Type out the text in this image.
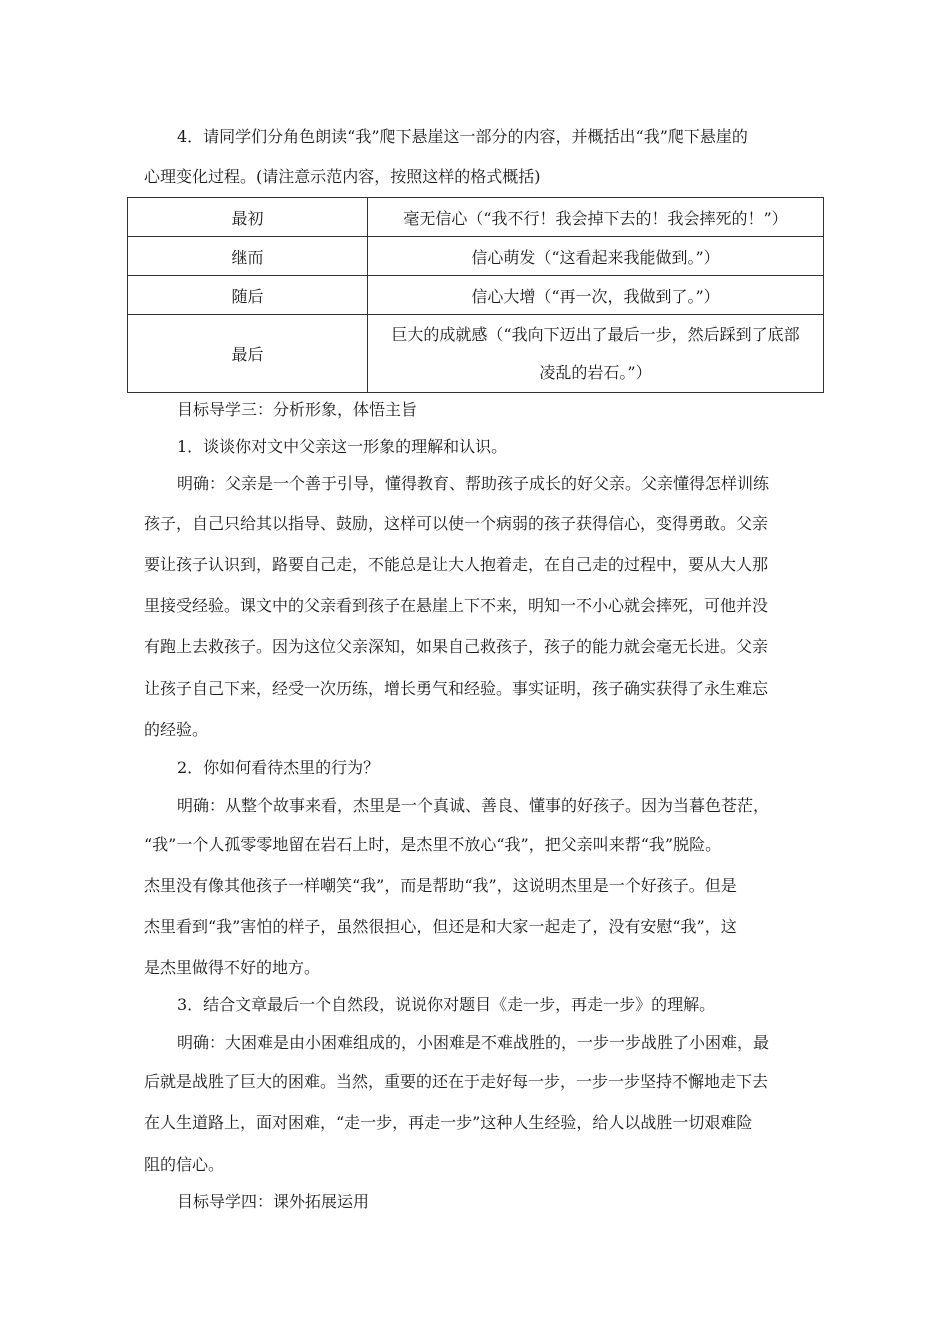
4．请同学们分角色朗读“我”爬下悬崖这一部分的内容，并概括出“我”爬下悬崖的
心理变化过程。(请注意示范内容，按照这样的格式概括)
最初	毫无信心（“我不行！我会掉下去的！我会摔死的！”）
继而	信心萌发（“这看起来我能做到。”）
随后	信心大增（“再一次，我做到了。”）
最后	巨大的成就感（“我向下迈出了最后一步，然后踩到了底部
凌乱的岩石。”）
目标导学三：分析形象，体悟主旨
1．谈谈你对文中父亲这一形象的理解和认识。
明确：父亲是一个善于引导，懂得教育、帮助孩子成长的好父亲。父亲懂得怎样训练
孩子，自己只给其以指导、鼓励，这样可以使一个病弱的孩子获得信心，变得勇敢。父亲
要让孩子认识到，路要自己走，不能总是让大人抱着走，在自己走的过程中，要从大人那
里接受经验。课文中的父亲看到孩子在悬崖上下不来，明知一不小心就会摔死，可他并没
有跑上去救孩子。因为这位父亲深知，如果自己救孩子，孩子的能力就会毫无长进。父亲
让孩子自己下来，经受一次历练，增长勇气和经验。事实证明，孩子确实获得了永生难忘
的经验。
2．你如何看待杰里的行为？
明确：从整个故事来看，杰里是一个真诚、善良、懂事的好孩子。因为当暮色苍茫，
“我”一个人孤零零地留在岩石上时，是杰里不放心“我”，把父亲叫来帮“我”脱险。
杰里没有像其他孩子一样嘲笑“我”，而是帮助“我”，这说明杰里是一个好孩子。但是
杰里看到“我”害怕的样子，虽然很担心，但还是和大家一起走了，没有安慰“我”，这
是杰里做得不好的地方。
3．结合文章最后一个自然段，说说你对题目《走一步，再走一步》的理解。
明确：大困难是由小困难组成的，小困难是不难战胜的，一步一步战胜了小困难，最
后就是战胜了巨大的困难。当然，重要的还在于走好每一步，一步一步坚持不懈地走下去
在人生道路上，面对困难，“走一步，再走一步”这种人生经验，给人以战胜一切艰难险
阻的信心。
目标导学四：课外拓展运用
